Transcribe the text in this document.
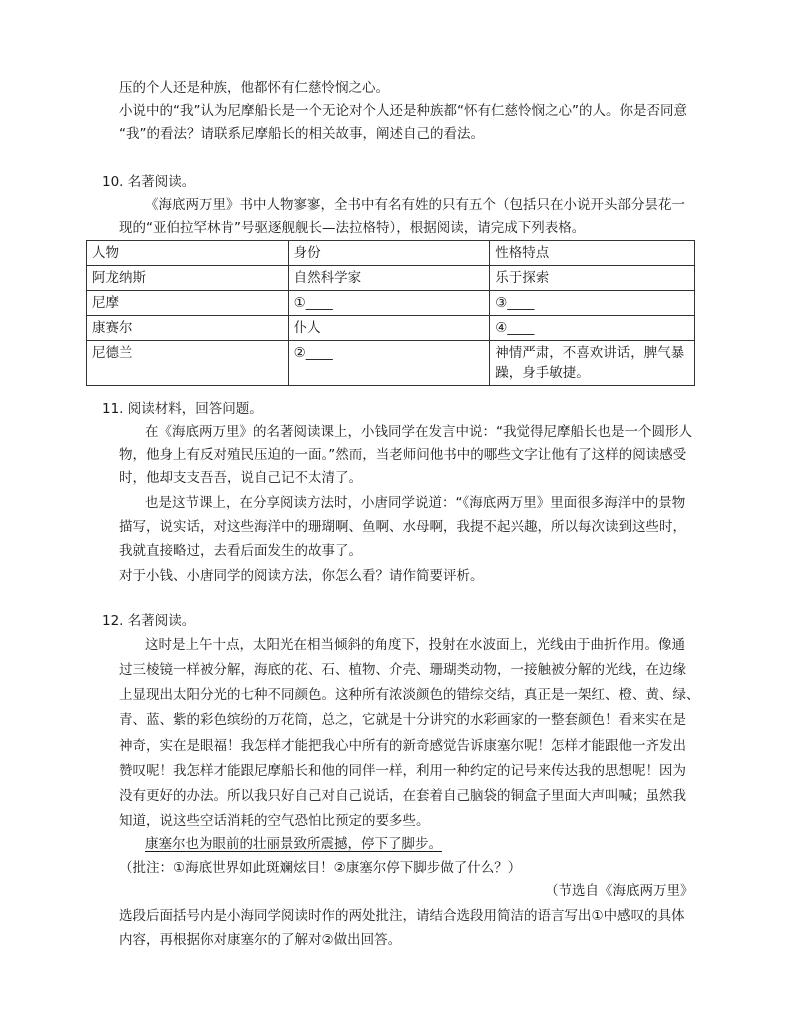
压的个人还是种族，他都怀有仁慈怜悯之心。
小说中的“我”认为尼摩船长是一个无论对个人还是种族都“怀有仁慈怜悯之心”的人。你是否同意
“我”的看法？请联系尼摩船长的相关故事，阐述自己的看法。
10. 名著阅读。
《海底两万里》书中人物寥寥，全书中有名有姓的只有五个（包括只在小说开头部分昙花一
现的“亚伯拉罕林肯”号驱逐舰舰长—法拉格特），根据阅读，请完成下列表格。
人物	身份	性格特点
阿龙纳斯	自然科学家	乐于探索
尼摩	①____	③____
康赛尔	仆人	④____
尼德兰	②____	神情严肃，不喜欢讲话，脾气暴躁，身手敏捷。
11. 阅读材料，回答问题。
在《海底两万里》的名著阅读课上，小钱同学在发言中说：“我觉得尼摩船长也是一个圆形人
物，他身上有反对殖民压迫的一面。”然而，当老师问他书中的哪些文字让他有了这样的阅读感受
时，他却支支吾吾，说自己记不太清了。
也是这节课上，在分享阅读方法时，小唐同学说道：“《海底两万里》里面很多海洋中的景物
描写，说实话，对这些海洋中的珊瑚啊、鱼啊、水母啊，我提不起兴趣，所以每次读到这些时，
我就直接略过，去看后面发生的故事了。
对于小钱、小唐同学的阅读方法，你怎么看？请作简要评析。
12. 名著阅读。
这时是上午十点，太阳光在相当倾斜的角度下，投射在水波面上，光线由于曲折作用。像通
过三棱镜一样被分解，海底的花、石、植物、介壳、珊瑚类动物，一接触被分解的光线，在边缘
上显现出太阳分光的七种不同颜色。这种所有浓淡颜色的错综交结，真正是一架红、橙、黄、绿、
青、蓝、紫的彩色缤纷的万花筒，总之，它就是十分讲究的水彩画家的一整套颜色！看来实在是
神奇，实在是眼福！我怎样才能把我心中所有的新奇感觉告诉康塞尔呢！怎样才能跟他一齐发出
赞叹呢！我怎样才能跟尼摩船长和他的同伴一样，利用一种约定的记号来传达我的思想呢！因为
没有更好的办法。所以我只好自己对自己说话，在套着自己脑袋的铜盒子里面大声叫喊；虽然我
知道，说这些空话消耗的空气恐怕比预定的要多些。
康塞尔也为眼前的壮丽景致所震撼，停下了脚步。
（批注：①海底世界如此斑斓炫目！②康塞尔停下脚步做了什么？）
（节选自《海底两万里》
选段后面括号内是小海同学阅读时作的两处批注，请结合选段用简洁的语言写出①中感叹的具体
内容，再根据你对康塞尔的了解对②做出回答。
